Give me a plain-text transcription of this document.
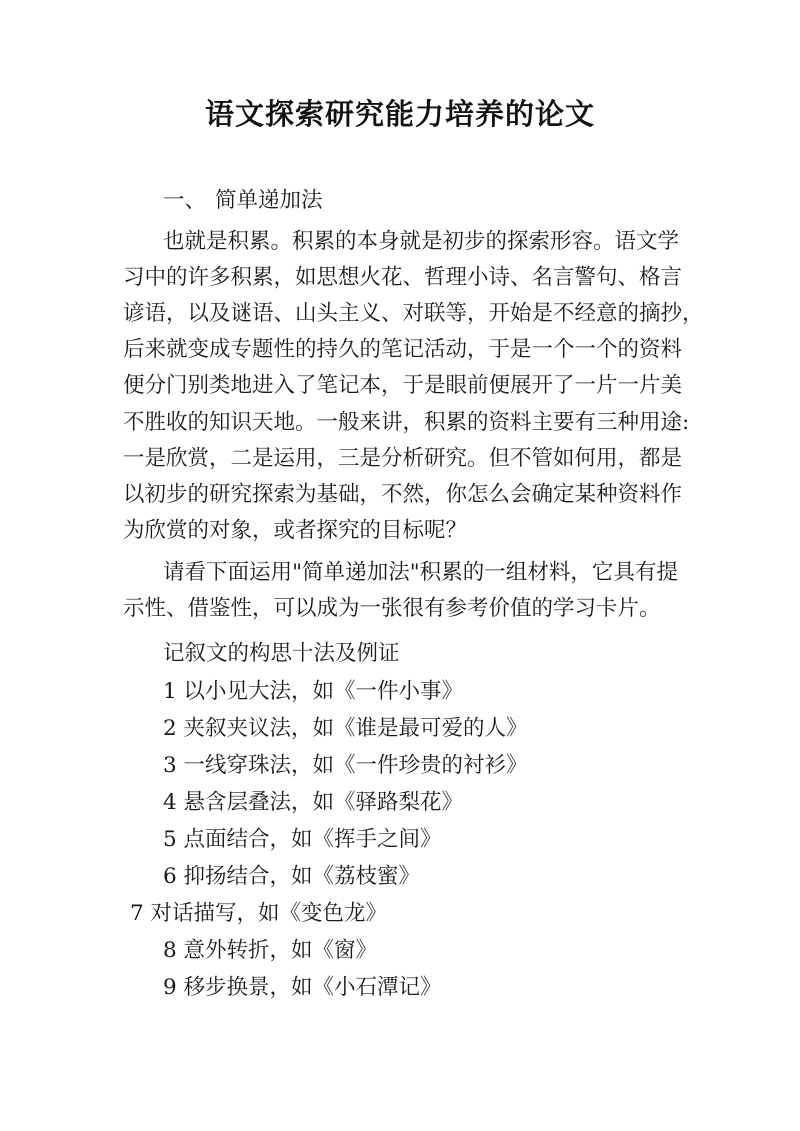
语文探索研究能力培养的论文

一、 简单递加法

也就是积累。积累的本身就是初步的探索形容。语文学

习中的许多积累，如思想火花、哲理小诗、名言警句、格言

谚语，以及谜语、山头主义、对联等，开始是不经意的摘抄，

后来就变成专题性的持久的笔记活动，于是一个一个的资料

便分门别类地进入了笔记本，于是眼前便展开了一片一片美

不胜收的知识天地。一般来讲，积累的资料主要有三种用途:

一是欣赏，二是运用，三是分析研究。但不管如何用，都是

以初步的研究探索为基础，不然，你怎么会确定某种资料作

为欣赏的对象，或者探究的目标呢？

请看下面运用"简单递加法"积累的一组材料，它具有提

示性、借鉴性，可以成为一张很有参考价值的学习卡片。

记叙文的构思十法及例证

1 以小见大法，如《一件小事》

2 夹叙夹议法，如《谁是最可爱的人》

3 一线穿珠法，如《一件珍贵的衬衫》

4 悬含层叠法，如《驿路梨花》

5 点面结合，如《挥手之间》

6 抑扬结合，如《荔枝蜜》

7 对话描写，如《变色龙》

8 意外转折，如《窗》

9 移步换景，如《小石潭记》
